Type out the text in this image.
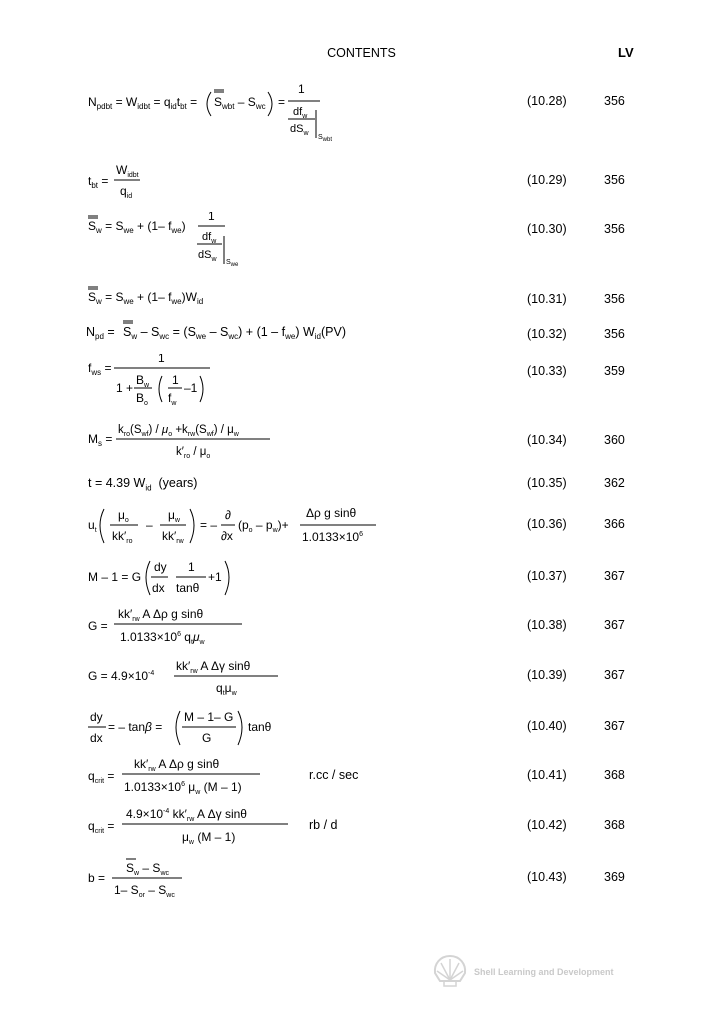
CONTENTS	LV
$N_{pdbt} = W_{idbt} = q_{id}t_{bt} = S_{wbt} - S_{wc}$ =
1
$df_w$
$dS_w$
Swbt
(10.28)	356
$t_{bt}$ =
$W_{idbt}$
$q_{id}$
(10.29)	356
$S_w = S_{we} + (1-$ $f_{we}$)
1
$df_w$
$dS_w$ Swe
(10.30)	356
$S_w = S_{we} + (1-$ $f_{we})W_{id}$	(10.31)	356
$N_{pd} = S_w - S_{wc} = (S_{we} - S_{wc}) + (1 - f_{we})$ $W_{id}(PV)$	(10.32)	356
$f_{ws}$ =
1
1 +
$B_w$
$B_o$
1
$f_w$
–1
(10.33)	359
$M_s$ =
$k_{ro}(S_{wf}) / \mu_o +k_{rw}(S_{wf}) / \mu_w$
$k'_{ro} / \mu_o$
(10.34)	360
t = 4.39 $W_{id}$ (years)	(10.35)	362
$u_t$
$\mu_o$
$kk'_{ro}$
–
$\mu_w$
$kk'_{rw}$
= –
∂
∂x
$(p_o - p_w)+$
Δρ g sinθ
$1.0133\times 10^6$
(10.36)	366
M – 1 = G
dy
dx
1
tanθ
+1	(10.37)	367
G =
$kk'_{rw}$ A Δρ g sinθ
$1.0133\times 10^6$ $q_t\mu_w$
(10.38)	367
$G = 4.9\times 10^{-4}$
$kk'_{rw}$ A Δγ sinθ
$q_t\mu_w$
(10.39)	367
dy
dx
= – tanβ =
M – 1– G
G
tanθ	(10.40)	367
$q_{crit}$ =
$kk'_{rw}$ A Δρ g sinθ
$1.0133\times 10^6$ $\mu_w$ (M – 1)
r.cc / sec	(10.41)	368
$q_{crit}$ =
$4.9\times 10^{-4}$ $kk'_{rw}$ A Δγ sinθ
$\mu_w$ (M – 1)
rb / d	(10.42)	368
b =
$S_w - S_{wc}$
1– $S_{or} - S_{wc}$
(10.43)	369
Shell Learning and Development
